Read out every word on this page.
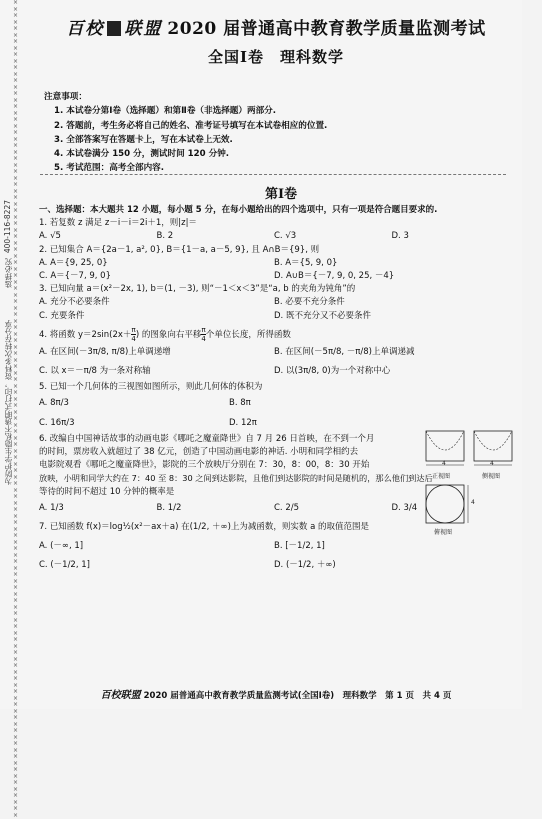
××××××××××××××××××××××××××××××××××××××××××××××××××××××××××××××××××××××××××××××××××××××××××××××××××××××××××××××××××××××××××××××
400-116-8227
选择必究
为防护学生隐私不透明式打印，资料多次转存分享
百校 联盟 2020 届普通高中教育教学质量监测考试
全国Ⅰ卷　理科数学
注意事项：
1. 本试卷分第Ⅰ卷（选择题）和第Ⅱ卷（非选择题）两部分.
2. 答题前，考生务必将自己的姓名、准考证号填写在本试卷相应的位置.
3. 全部答案写在答题卡上，写在本试卷上无效.
4. 本试卷满分 150 分，测试时间 120 分钟.
5. 考试范围：高考全部内容.
第Ⅰ卷
一、选择题：本大题共 12 小题，每小题 5 分，在每小题给出的四个选项中，只有一项是符合题目要求的.
1. 若复数 z 满足 z－i－i＝2i＋1，则|z|＝
A. √5	B. 2	C. √3	D. 3
2. 已知集合 A＝{2a－1, a², 0}, B＝{1－a, a－5, 9}, 且 A∩B＝{9}, 则
A. A＝{9, 25, 0}	B. A＝{5, 9, 0}
C. A＝{－7, 9, 0}	D. A∪B＝{－7, 9, 0, 25, －4}
3. 已知向量 a＝(x²－2x, 1), b＝(1, －3), 则“－1＜x＜3”是“a, b 的夹角为钝角”的
A. 充分不必要条件	B. 必要不充分条件
C. 充要条件	D. 既不充分又不必要条件
4. 将函数 $y=2\sin(2x+ \frac{\pi}{4}$ ) 的图象向右平移 $\frac{\pi}{4}$ 个单位长度，所得函数
A. 在区间(－3π/8, π/8)上单调递增	B. 在区间(－5π/8, －π/8)上单调递减
C. 以 x＝－π/8 为一条对称轴	D. 以(3π/8, 0)为一个对称中心
5. 已知一个几何体的三视图如图所示，则此几何体的体积为
A. 8π/3	B. 8π
C. 16π/3	D. 12π
6. 改编自中国神话故事的动画电影《哪吒之魔童降世》自 7 月 26 日首映，在不到一个月
的时间，票房收入就超过了 38 亿元，创造了中国动画电影的神话. 小明和同学相约去
电影院观看《哪吒之魔童降世》，影院的三个放映厅分别在 7：30，8：00，8：30 开始
放映，小明和同学大约在 7：40 至 8：30 之间到达影院，且他们到达影院的时间是随机的，那么他们到达后
等待的时间不超过 10 分钟的概率是
A. 1/3	B. 1/2	C. 2/5	D. 3/4
7. 已知函数 f(x)＝log½(x²－ax＋a) 在(1/2, ＋∞)上为减函数，则实数 a 的取值范围是
A. (－∞, 1]	B. [－1/2, 1]
C. (－1/2, 1]	D. (－1/2, ＋∞)
4	4
正视图	侧视图
4
俯视图
百校联盟 2020 届普通高中教育教学质量监测考试(全国Ⅰ卷)　理科数学　第 1 页　共 4 页
